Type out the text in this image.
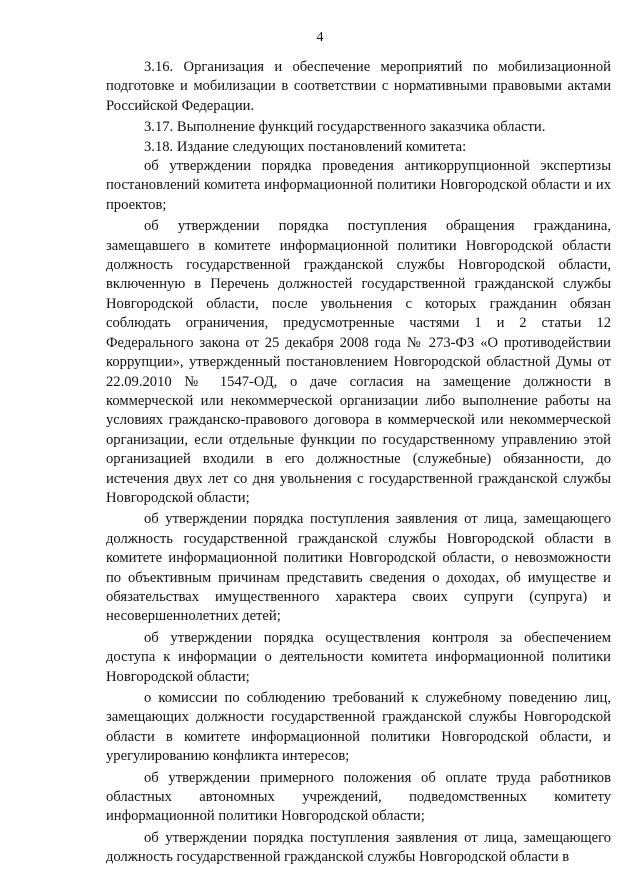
4

3.16. Организация и обеспечение мероприятий по мобилизационной подготовке и мобилизации в соответствии с нормативными правовыми актами Российской Федерации.

3.17. Выполнение функций государственного заказчика области.

3.18. Издание следующих постановлений комитета:

об утверждении порядка проведения антикоррупционной экспертизы постановлений комитета информационной политики Новгородской области и их проектов;

об утверждении порядка поступления обращения гражданина, замещавшего в комитете информационной политики Новгородской области должность государственной гражданской службы Новгородской области, включенную в Перечень должностей государственной гражданской службы Новгородской области, после увольнения с которых гражданин обязан соблюдать ограничения, предусмотренные частями 1 и 2 статьи 12 Федерального закона от 25 декабря 2008 года № 273-ФЗ «О противодействии коррупции», утвержденный постановлением Новгородской областной Думы от 22.09.2010 № 1547-ОД, о даче согласия на замещение должности в коммерческой или некоммерческой организации либо выполнение работы на условиях гражданско-правового договора в коммерческой или некоммерческой организации, если отдельные функции по государственному управлению этой организацией входили в его должностные (служебные) обязанности, до истечения двух лет со дня увольнения с государственной гражданской службы Новгородской области;

об утверждении порядка поступления заявления от лица, замещающего должность государственной гражданской службы Новгородской области в комитете информационной политики Новгородской области, о невозможности по объективным причинам представить сведения о доходах, об имуществе и обязательствах имущественного характера своих супруги (супруга) и несовершеннолетних детей;

об утверждении порядка осуществления контроля за обеспечением доступа к информации о деятельности комитета информационной политики Новгородской области;

о комиссии по соблюдению требований к служебному поведению лиц, замещающих должности государственной гражданской службы Новгородской области в комитете информационной политики Новгородской области, и урегулированию конфликта интересов;

об утверждении примерного положения об оплате труда работников областных автономных учреждений, подведомственных комитету информационной политики Новгородской области;

об утверждении порядка поступления заявления от лица, замещающего должность государственной гражданской службы Новгородской области в
